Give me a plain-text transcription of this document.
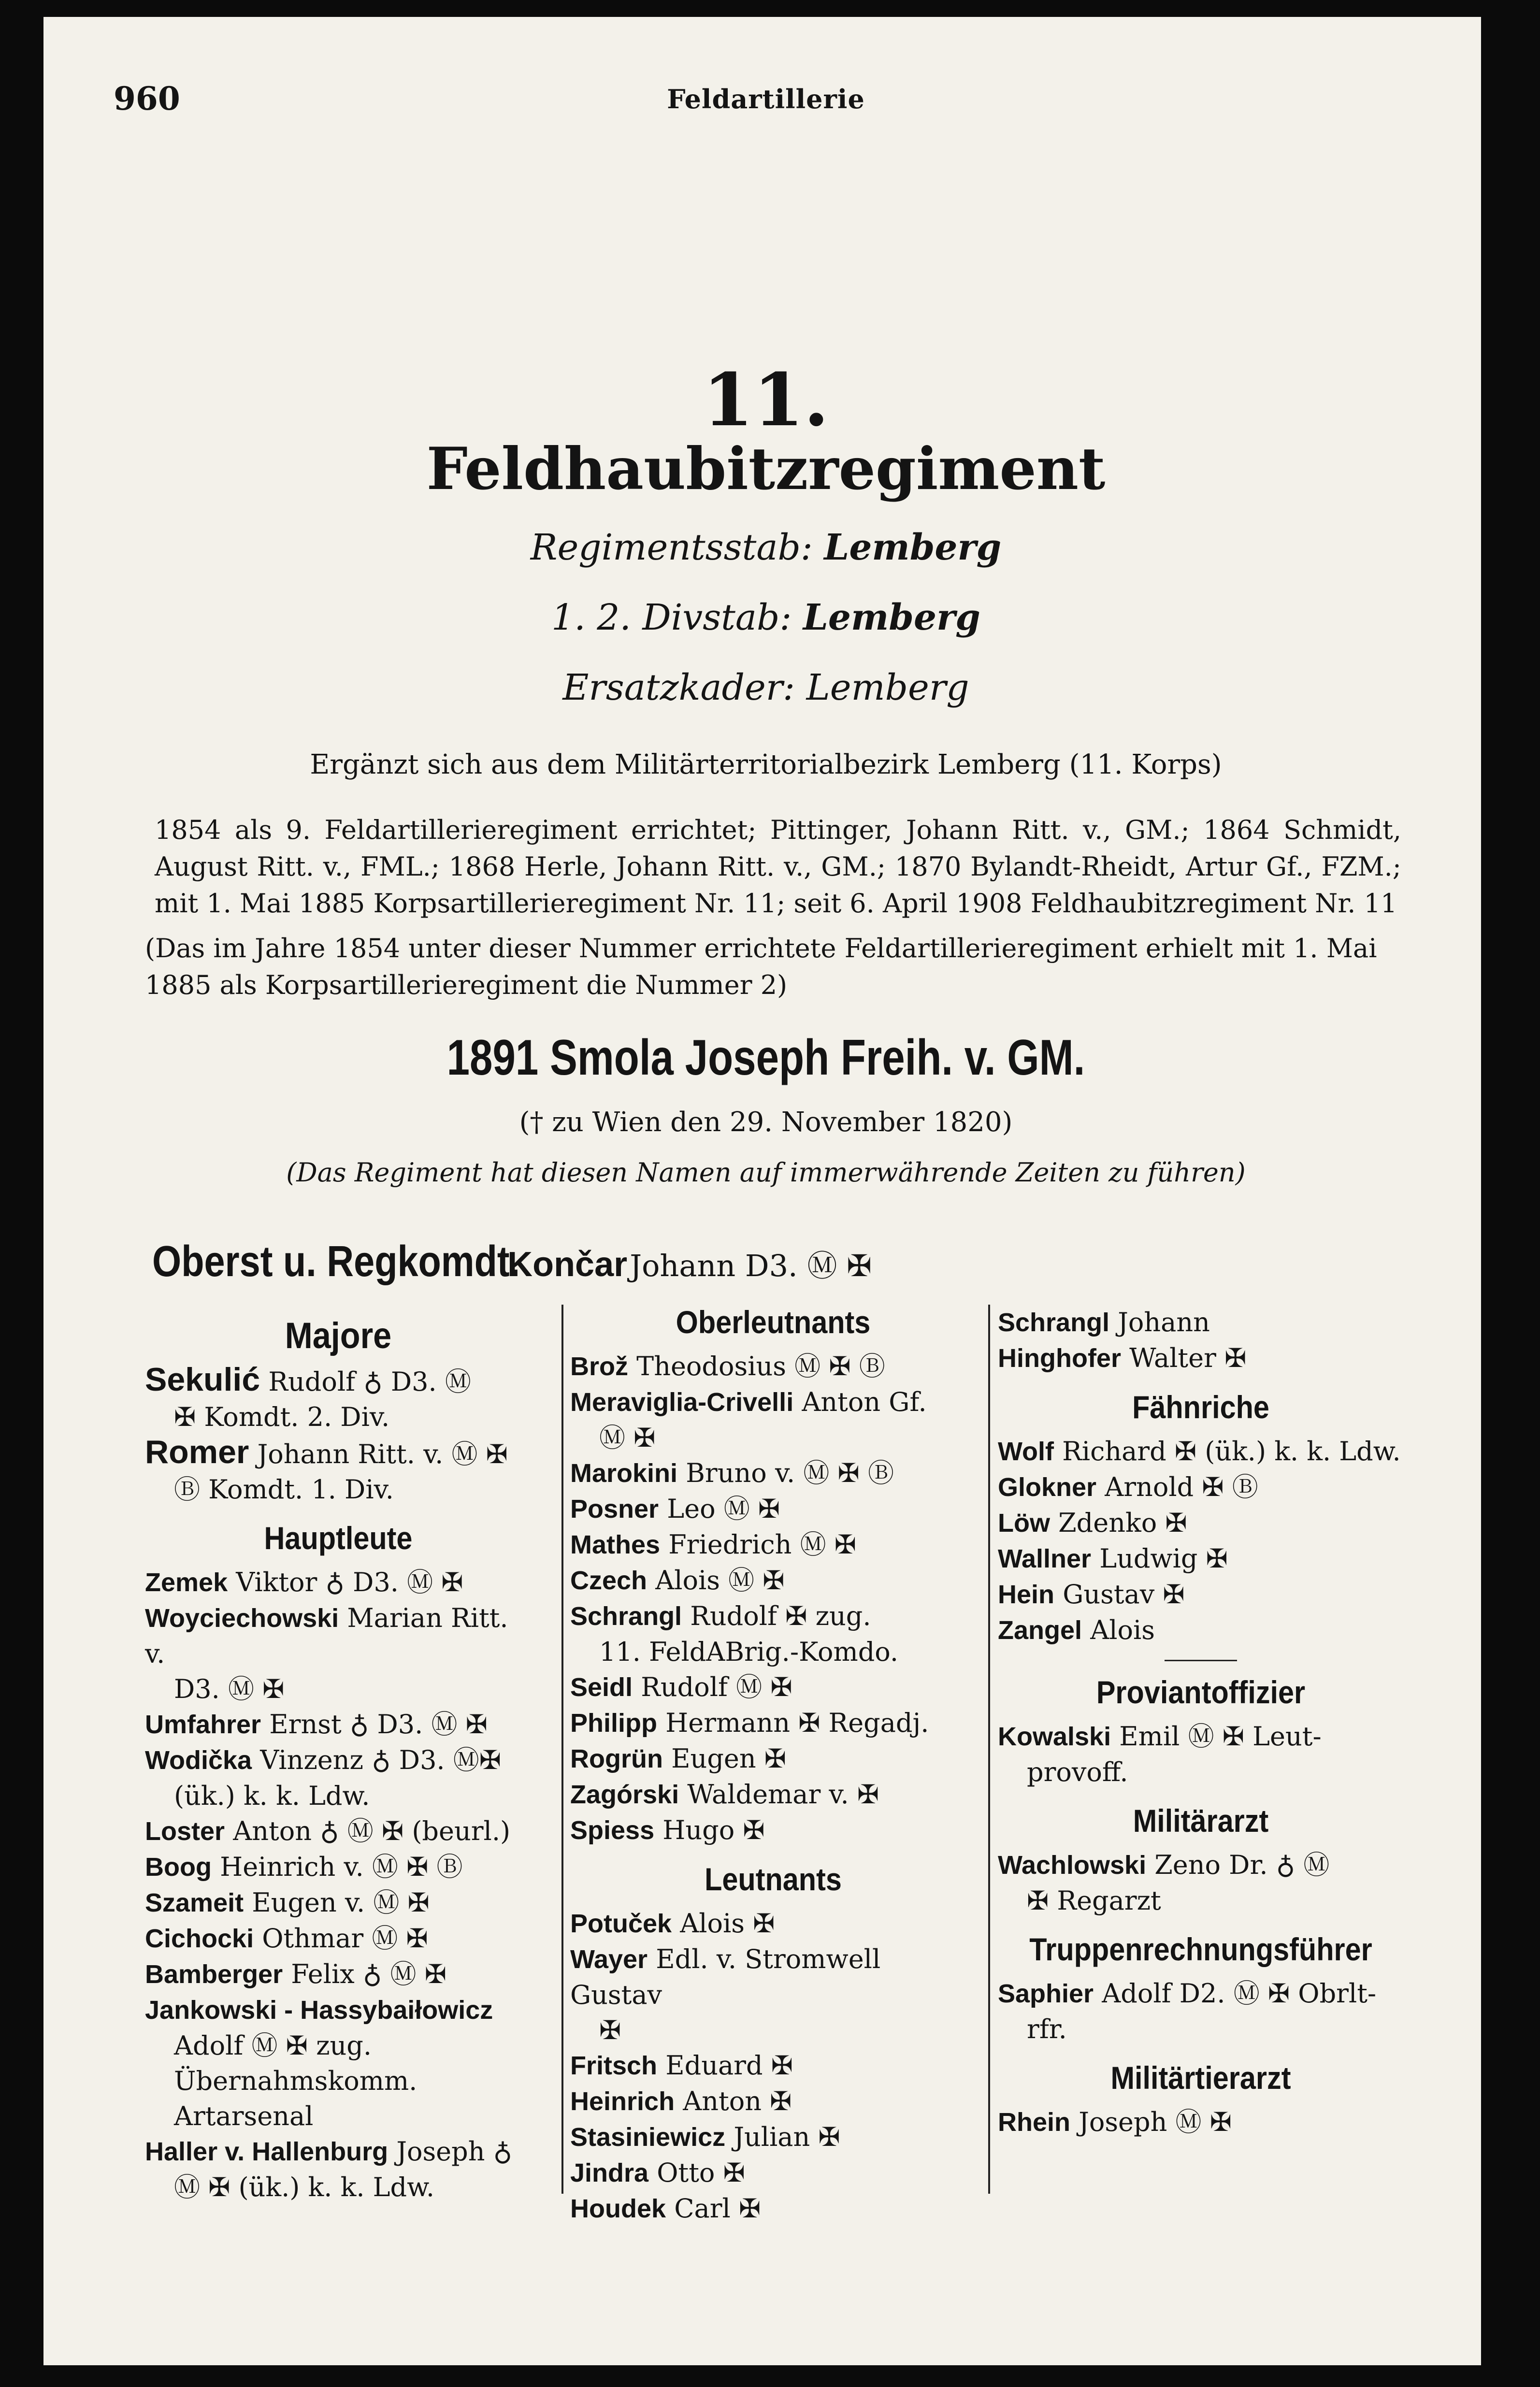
960	Feldartillerie
11.
Feldhaubitzregiment
Regimentsstab: Lemberg
1. 2. Divstab: Lemberg
Ersatzkader: Lemberg
Ergänzt sich aus dem Militärterritorialbezirk Lemberg (11. Korps)
1854 als 9. Feldartillerieregiment errichtet; Pittinger, Johann Ritt. v., GM.; 1864 Schmidt, August Ritt. v., FML.; 1868 Herle, Johann Ritt. v., GM.; 1870 Bylandt-Rheidt, Artur Gf., FZM.; mit 1. Mai 1885 Korpsartillerieregiment Nr. 11; seit 6. April 1908 Feldhaubitzregiment Nr. 11
(Das im Jahre 1854 unter dieser Nummer errichtete Feldartillerieregiment erhielt mit 1. Mai 1885 als Korpsartillerieregiment die Nummer 2)
1891 Smola Joseph Freih. v. GM.
(† zu Wien den 29. November 1820)
(Das Regiment hat diesen Namen auf immerwährende Zeiten zu führen)
Oberst u. Regkomdt. Končar Johann D3. Ⓜ ✠
Majore
Sekulić Rudolf ♁ D3. Ⓜ
✠ Komdt. 2. Div.
Romer Johann Ritt. v. Ⓜ ✠
Ⓑ Komdt. 1. Div.
Hauptleute
Zemek Viktor ♁ D3. Ⓜ ✠
Woyciechowski Marian Ritt. v.
D3. Ⓜ ✠
Umfahrer Ernst ♁ D3. Ⓜ ✠
Wodička Vinzenz ♁ D3. Ⓜ✠
(ük.) k. k. Ldw.
Loster Anton ♁ Ⓜ ✠ (beurl.)
Boog Heinrich v. Ⓜ ✠ Ⓑ
Szameit Eugen v. Ⓜ ✠
Cichocki Othmar Ⓜ ✠
Bamberger Felix ♁ Ⓜ ✠
Jankowski - Hassybaiłowicz
Adolf Ⓜ ✠ zug. Übernahmskomm. Artarsenal
Haller v. Hallenburg Joseph ♁
Ⓜ ✠ (ük.) k. k. Ldw.
Oberleutnants
Brož Theodosius Ⓜ ✠ Ⓑ
Meraviglia-Crivelli Anton Gf.
Ⓜ ✠
Marokini Bruno v. Ⓜ ✠ Ⓑ
Posner Leo Ⓜ ✠
Mathes Friedrich Ⓜ ✠
Czech Alois Ⓜ ✠
Schrangl Rudolf ✠ zug.
11. FeldABrig.-Komdo.
Seidl Rudolf Ⓜ ✠
Philipp Hermann ✠ Regadj.
Rogrün Eugen ✠
Zagórski Waldemar v. ✠
Spiess Hugo ✠
Leutnants
Potuček Alois ✠
Wayer Edl. v. Stromwell Gustav
✠
Fritsch Eduard ✠
Heinrich Anton ✠
Stasiniewicz Julian ✠
Jindra Otto ✠
Houdek Carl ✠
Schrangl Johann
Hinghofer Walter ✠
Fähnriche
Wolf Richard ✠ (ük.) k. k. Ldw.
Glokner Arnold ✠ Ⓑ
Löw Zdenko ✠
Wallner Ludwig ✠
Hein Gustav ✠
Zangel Alois
Proviantoffizier
Kowalski Emil Ⓜ ✠ Leut-
provoff.
Militärarzt
Wachlowski Zeno Dr. ♁ Ⓜ
✠ Regarzt
Truppenrechnungsführer
Saphier Adolf D2. Ⓜ ✠ Obrlt-
rfr.
Militärtierarzt
Rhein Joseph Ⓜ ✠
